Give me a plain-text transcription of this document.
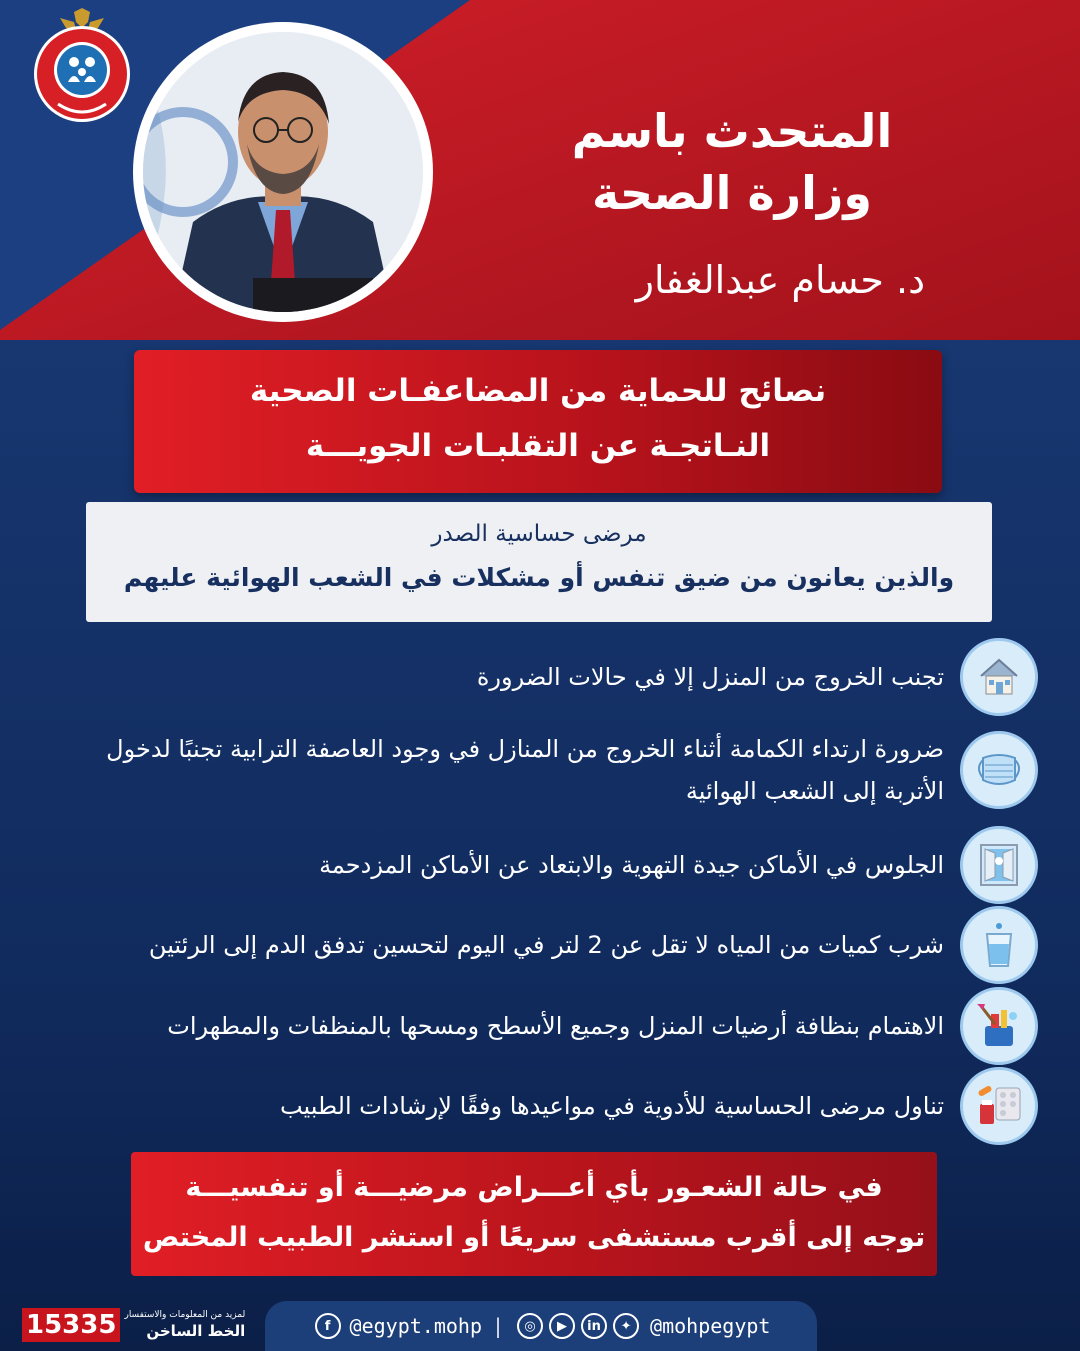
المتحدث باسم
وزارة الصحة
د. حسام عبدالغفار
نصائح للحماية من المضاعفـات الصحية
النـاتجـة عن التقلبـات الجويـــة
مرضى حساسية الصدر
والذين يعانون من ضيق تنفس أو مشكلات في الشعب الهوائية عليهم
تجنب الخروج من المنزل إلا في حالات الضرورة
ضرورة ارتداء الكمامة أثناء الخروج من المنازل في وجود العاصفة الترابية تجنبًا لدخول الأتربة إلى الشعب الهوائية
الجلوس في الأماكن جيدة التهوية والابتعاد عن الأماكن المزدحمة
شرب كميات من المياه لا تقل عن 2 لتر في اليوم لتحسين تدفق الدم إلى الرئتين
الاهتمام بنظافة أرضيات المنزل وجميع الأسطح ومسحها بالمنظفات والمطهرات
تناول مرضى الحساسية للأدوية في مواعيدها وفقًا لإرشادات الطبيب
في حالة الشعـور بأي أعـــراض مرضيـــة أو تنفسيـــة
توجه إلى أقرب مستشفى سريعًا أو استشر الطبيب المختص
15335 لمزيد من المعلومات والاستفسار
الخط الساخن	f @egypt.mohp |	◎	▶	in	✦ @mohpegypt
